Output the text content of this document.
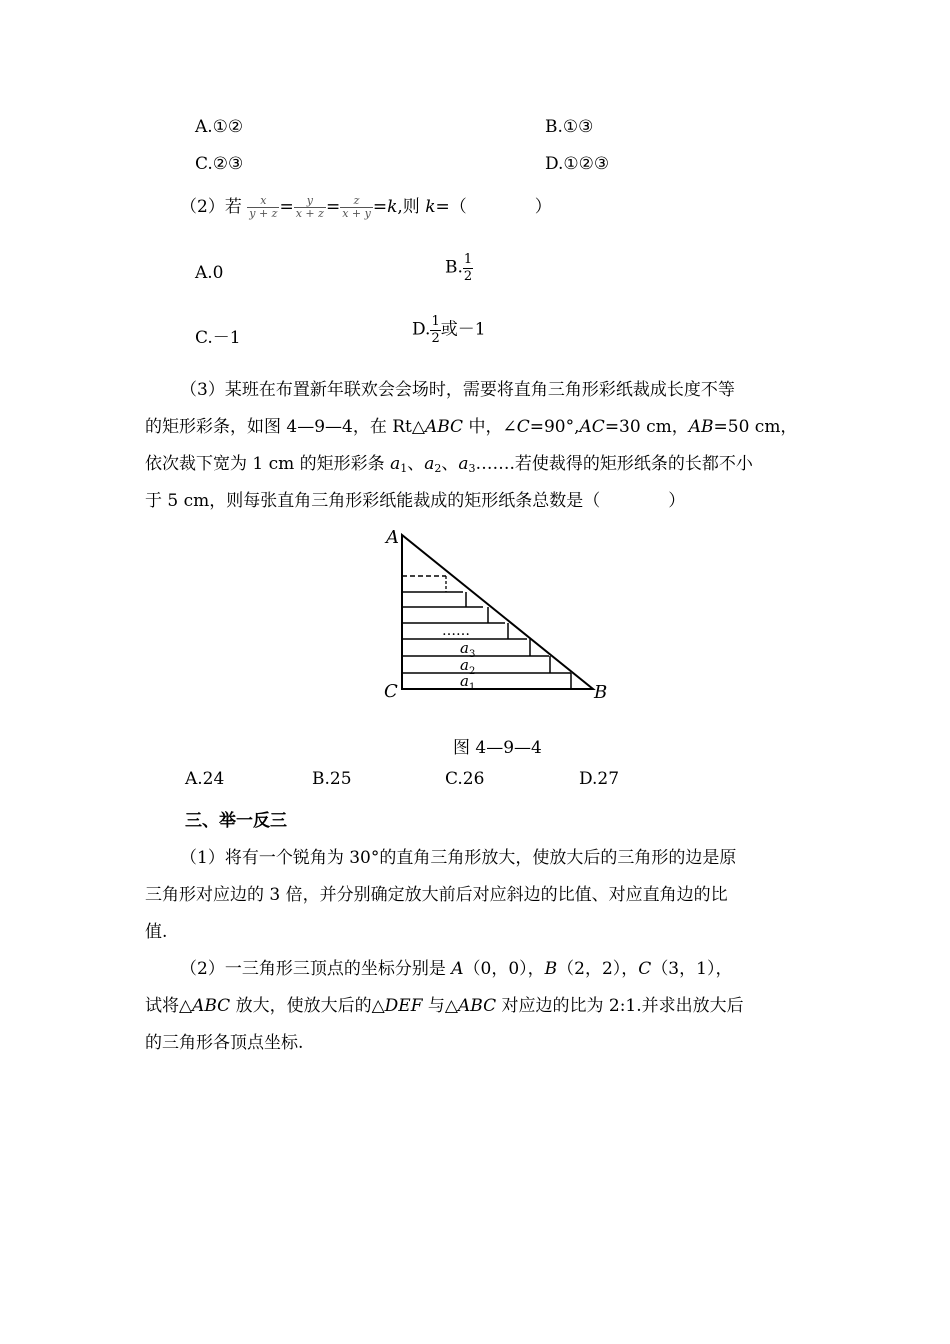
A.①②	B.①③
C.②③	D.①②③
（2）若 $\frac{x}{y + z} = \frac{y}{x + z} = \frac{z}{x + y} =k$,则 k=（　　　　）
A.0	B. $\frac{1}{2}$
C.－1	D. $\frac{1}{2}$ 或－1
（3）某班在布置新年联欢会会场时，需要将直角三角形彩纸裁成长度不等
的矩形彩条，如图 4—9—4，在 Rt△ABC 中，∠C=90°,AC=30 cm，AB=50 cm，
依次裁下宽为 1 cm 的矩形彩条 $a_1$、$a_2$、$a_3\dots\dots$.若使裁得的矩形纸条的长都不小
于 5 cm，则每张直角三角形彩纸能裁成的矩形纸条总数是（　　　　）
A
C	B
……
$a_3$
$a_2$
$a_1$
图 4—9—4
A.24	B.25	C.26	D.27
三、举一反三
（1）将有一个锐角为 30°的直角三角形放大，使放大后的三角形的边是原
三角形对应边的 3 倍，并分别确定放大前后对应斜边的比值、对应直角边的比
值.
（2）一三角形三顶点的坐标分别是 A（0，0），B（2，2），C（3，1），
试将△ABC 放大，使放大后的△DEF 与△ABC 对应边的比为 2:1.并求出放大后
的三角形各顶点坐标.
